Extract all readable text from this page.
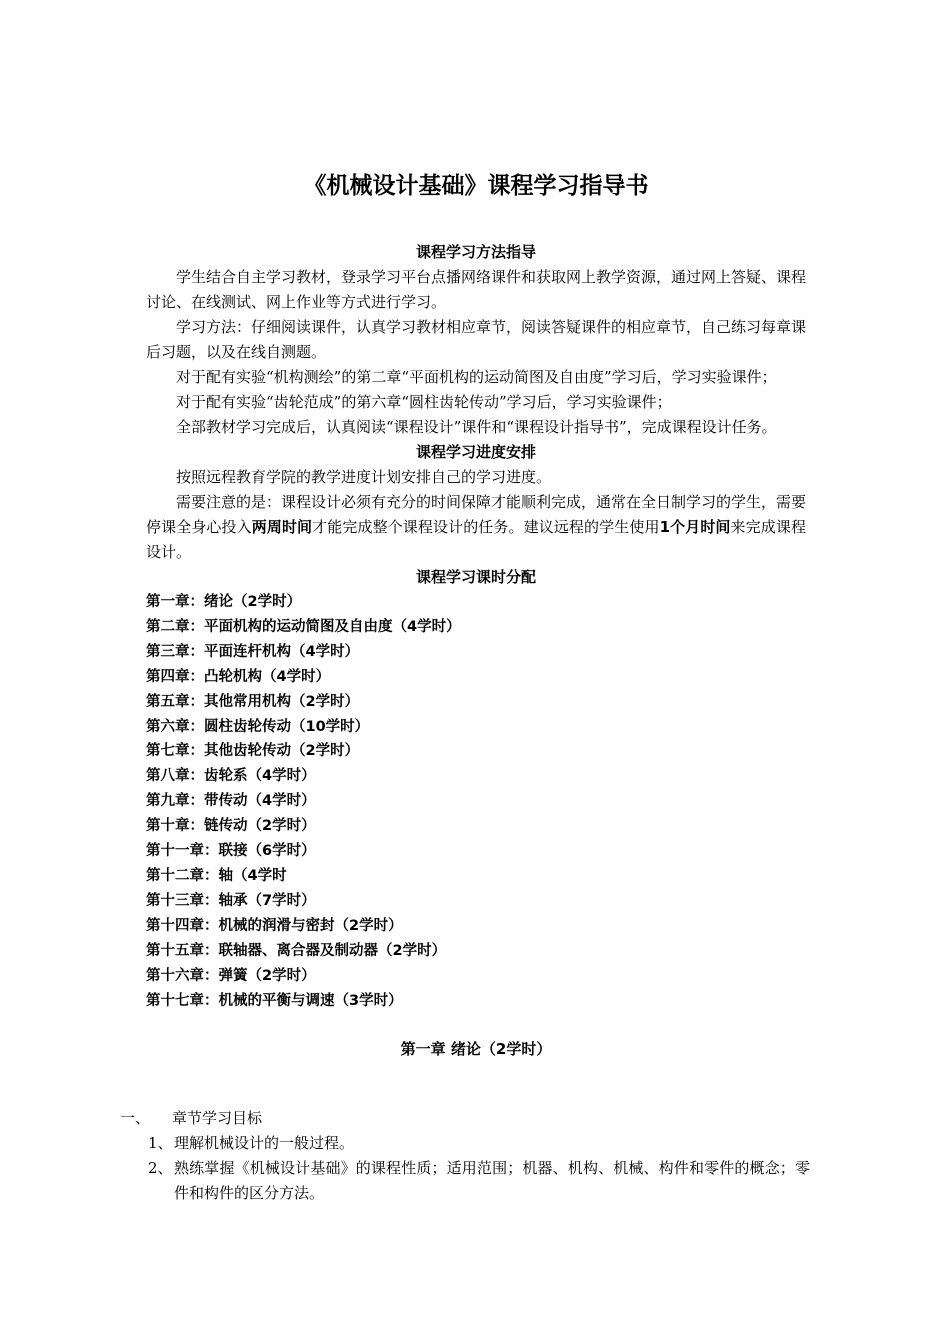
《机械设计基础》课程学习指导书
课程学习方法指导

学生结合自主学习教材，登录学习平台点播网络课件和获取网上教学资源，通过网上答疑、课程讨论、在线测试、网上作业等方式进行学习。

学习方法：仔细阅读课件，认真学习教材相应章节，阅读答疑课件的相应章节，自己练习每章课后习题，以及在线自测题。

对于配有实验“机构测绘”的第二章“平面机构的运动简图及自由度”学习后，学习实验课件；

对于配有实验“齿轮范成”的第六章“圆柱齿轮传动”学习后，学习实验课件；

全部教材学习完成后，认真阅读“课程设计”课件和“课程设计指导书”，完成课程设计任务。

课程学习进度安排

按照远程教育学院的教学进度计划安排自己的学习进度。

需要注意的是：课程设计必须有充分的时间保障才能顺利完成，通常在全日制学习的学生，需要停课全身心投入两周时间才能完成整个课程设计的任务。建议远程的学生使用1个月时间来完成课程设计。

课程学习课时分配
第一章：绪论（2学时）
第二章：平面机构的运动简图及自由度（4学时）
第三章：平面连杆机构（4学时）
第四章：凸轮机构（4学时）
第五章：其他常用机构（2学时）
第六章：圆柱齿轮传动（10学时）
第七章：其他齿轮传动（2学时）
第八章：齿轮系（4学时）
第九章：带传动（4学时）
第十章：链传动（2学时）
第十一章：联接（6学时）
第十二章：轴（4学时
第十三章：轴承（7学时）
第十四章：机械的润滑与密封（2学时）
第十五章：联轴器、离合器及制动器（2学时）
第十六章：弹簧（2学时）
第十七章：机械的平衡与调速（3学时）
第一章 绪论（2学时）
一、	章节学习目标
1、 理解机械设计的一般过程。
2、 熟练掌握《机械设计基础》的课程性质；适用范围；机器、机构、机械、构件和零件的概念；零件和构件的区分方法。
